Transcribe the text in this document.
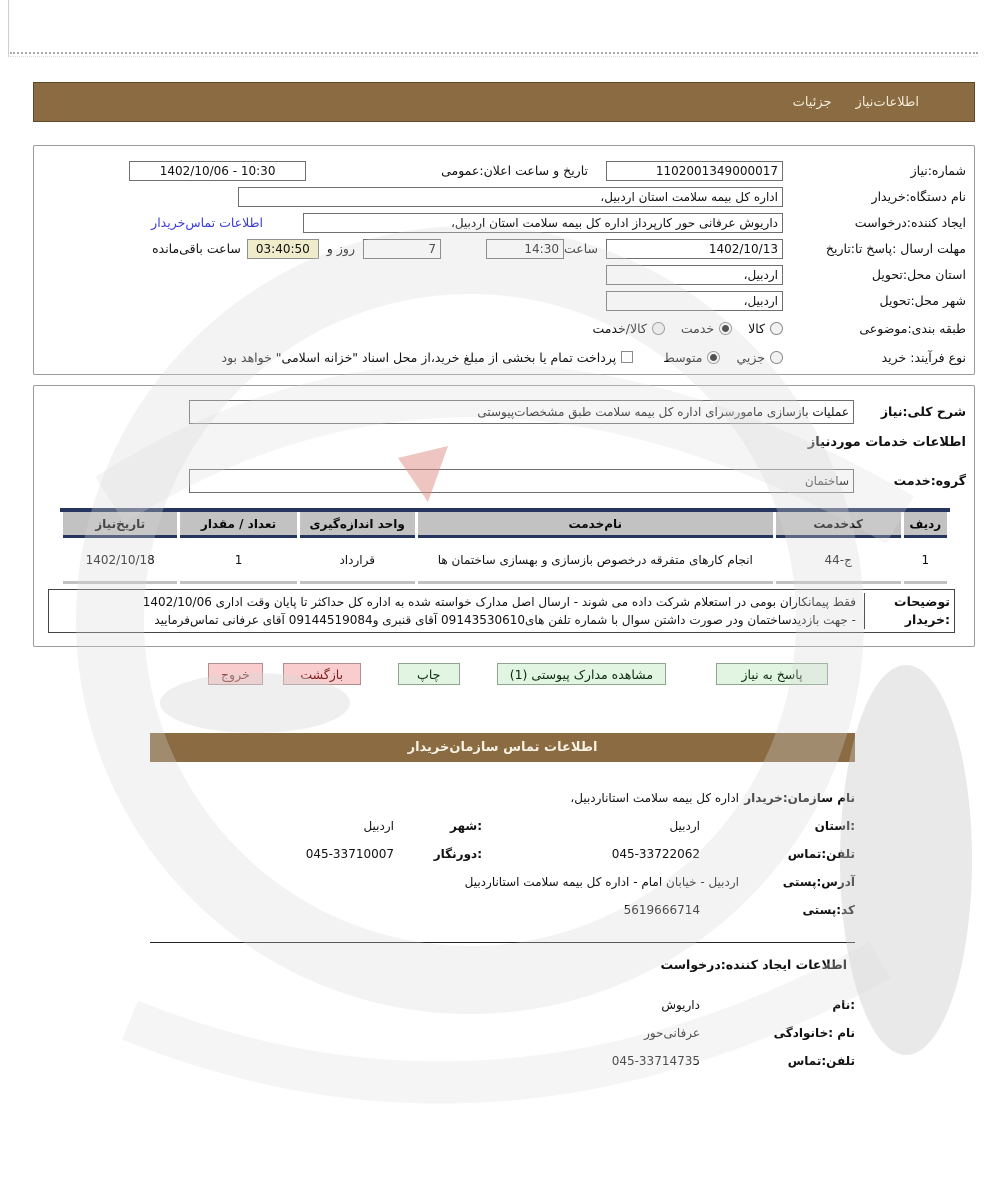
اطلاعات‌نیاز
جزئیات
شماره:نیاز
1102001349000017
تاریخ و ساعت اعلان:عمومی
1402/10/06 - 10:30
نام دستگاه:خریدار
اداره کل بیمه سلامت استان اردبیل،
ایجاد کننده:درخواست
داریوش عرفانی حور کارپرداز اداره کل بیمه سلامت استان اردبیل،
اطلاعات تماس‌خریدار
مهلت ارسال :پاسخ تا:تاریخ
1402/10/13
ساعت
14:30
7
روز و
03:40:50
ساعت باقی‌مانده
استان محل:تحویل
اردبیل،
شهر محل:تحویل
اردبیل،
طبقه بندی:موضوعی
کالا
خدمت
کالا/خدمت
نوع فرآیند: خرید
جزیي
متوسط
پرداخت تمام یا بخشی از مبلغ خرید،از محل اسناد "خزانه اسلامی" خواهد بود
شرح کلی:نیاز
عملیات بازسازی مامورسرای اداره کل بیمه سلامت طبق مشخصات‌پیوستی
اطلاعات خدمات موردنیاز
گروه:خدمت
ساختمان
ردیف	کدخدمت	نام‌خدمت	واحد اندازه‌گیری	تعداد / مقدار	تاریخ‌نیاز
1	ج-44	انجام کارهای متفرقه درخصوص بازسازی و بهسازی ساختمان ها	قرارداد	1	1402/10/18
توضیحات
:خریدار
فقط پیمانکاران بومی در استعلام شرکت داده می شوند - ارسال اصل مدارک خواسته شده به اداره کل حداکثر تا پایان وقت اداری 1402/10/06
- جهت بازدیدساختمان ودر صورت داشتن سوال با شماره تلفن های09143530610 آقای قنبری و09144519084 آقای عرفانی تماس‌فرمایید
پاسخ به نیاز
مشاهده مدارک پیوستی (1)
چاپ
بازگشت
خروج
اطلاعات تماس سازمان‌خریدار
نام سازمان:خریدار
اداره کل بیمه سلامت استاناردبیل،
:استان
اردبیل
:شهر
اردبیل
تلفن:تماس
045-33722062
:دورنگار
045-33710007
آدرس:پستی
اردبیل - خیابان امام - اداره کل بیمه سلامت استاناردبیل
کد:پستی
5619666714
اطلاعات ایجاد کننده:درخواست
:نام
داریوش
نام :خانوادگی
عرفانی‌حور
تلفن:تماس
045-33714735
